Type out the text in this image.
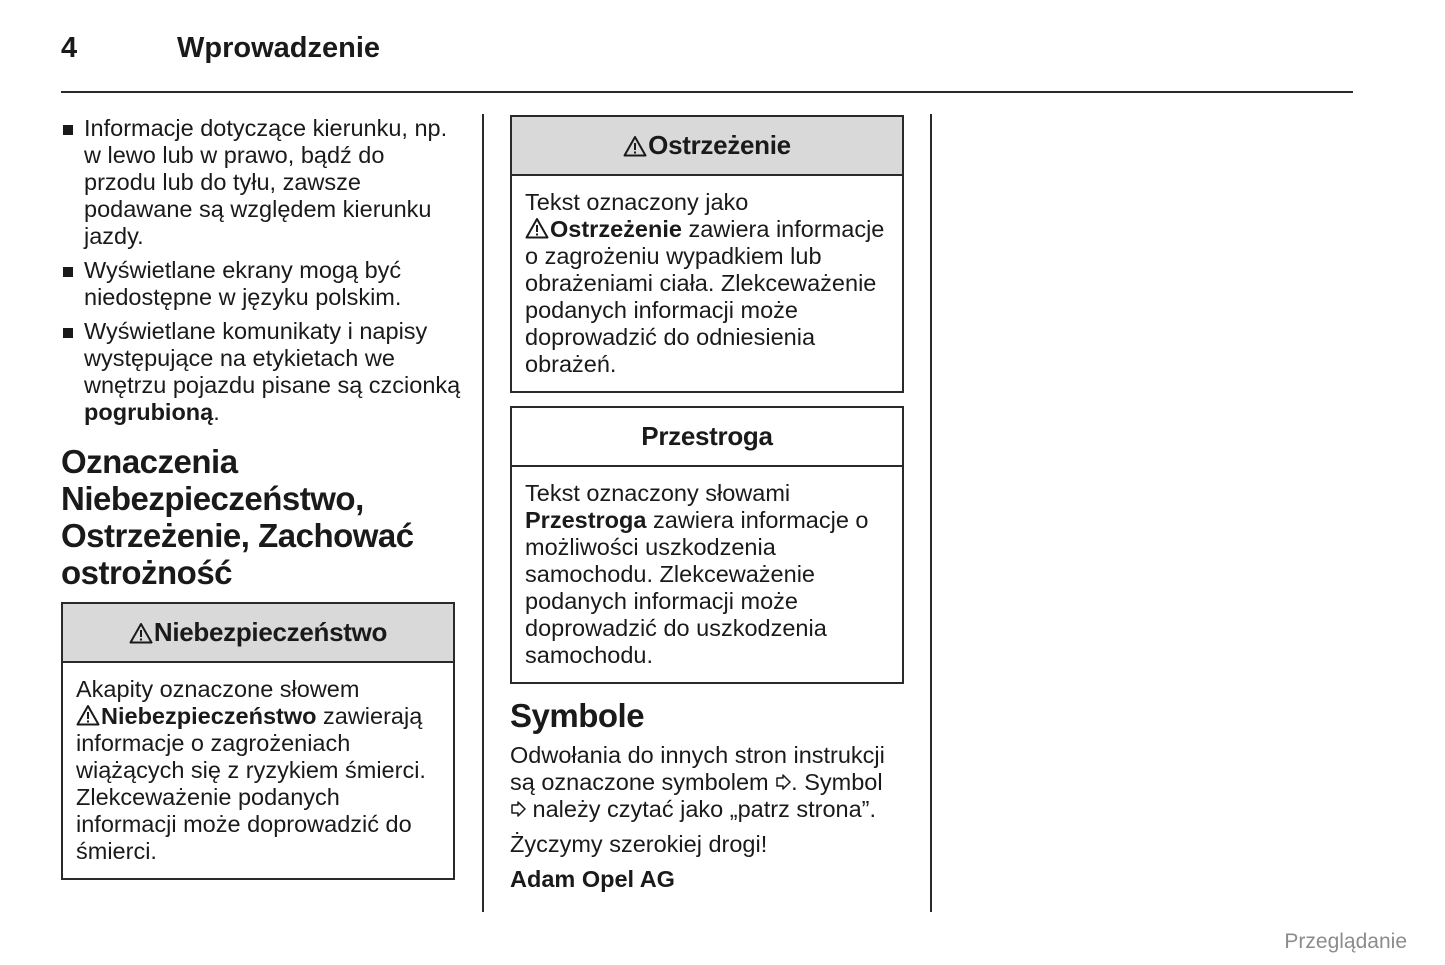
4	Wprowadzenie
Informacje dotyczące kierunku, np. w lewo lub w prawo, bądź do przodu lub do tyłu, zawsze podawane są względem kierunku jazdy.
Wyświetlane ekrany mogą być niedostępne w języku polskim.
Wyświetlane komunikaty i napisy występujące na etykietach we wnętrzu pojazdu pisane są czcionką pogrubioną.
Oznaczenia Niebezpieczeństwo, Ostrzeżenie, Zachować ostrożność
Niebezpieczeństwo
Akapity oznaczone słowem
Niebezpieczeństwo zawierają informacje o zagrożeniach wiążących się z ryzykiem śmierci. Zlekceważenie podanych informacji może doprowadzić do śmierci.
Ostrzeżenie
Tekst oznaczony jako
Ostrzeżenie zawiera informacje o zagrożeniu wypadkiem lub obrażeniami ciała. Zlekceważenie podanych informacji może doprowadzić do odniesienia obrażeń.
Przestroga
Tekst oznaczony słowami
Przestroga zawiera informacje o możliwości uszkodzenia samochodu. Zlekceważenie podanych informacji może doprowadzić do uszkodzenia samochodu.
Symbole

Odwołania do innych stron instrukcji są oznaczone symbolem . Symbol
należy czytać jako „patrz strona”.

Życzymy szerokiej drogi!

Adam Opel AG

Przeglądanie
